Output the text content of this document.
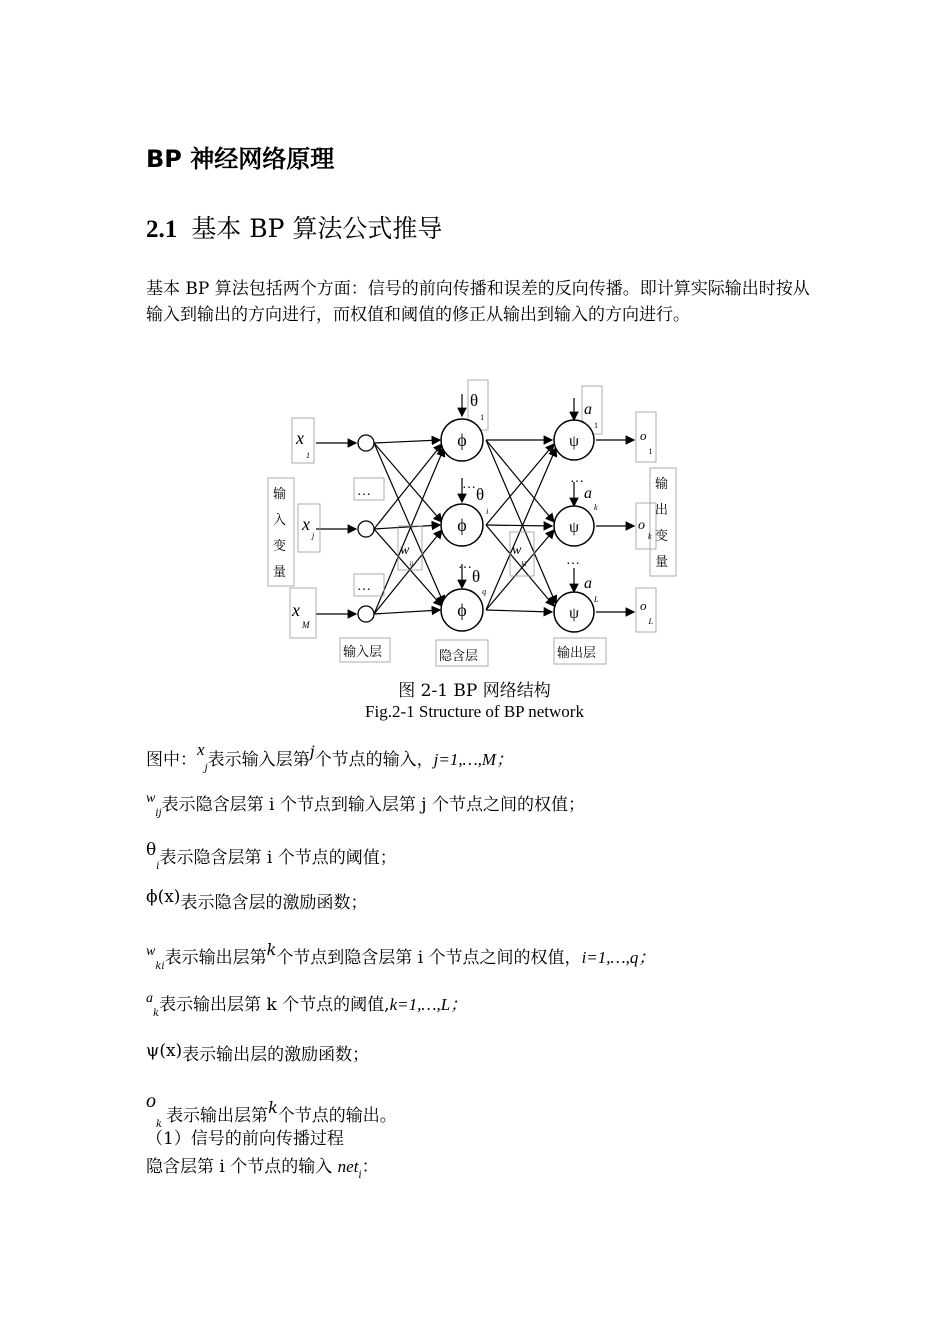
BP 神经网络原理
2.1 基本 BP 算法公式推导
基本 BP 算法包括两个方面：信号的前向传播和误差的反向传播。即计算实际输出时按从输入到输出的方向进行，而权值和阈值的修正从输出到输入的方向进行。
ϕ
ϕ
ϕ
ψ
ψ
ψ
$x_1$
$x_j$
$x_M$
$\theta_1$
$\theta_i$
$\theta_q$
$a_1$
$a_k$
$a_L$
$o_1$
$o_k$
$o_L$
$w_{ij}$
$w_{ki}$
…
…
…
…
…
…
输
入
变
量
输
出
变
量
输入层	隐含层	输出层
图 2-1 BP 网络结构
Fig.2-1 Structure of BP network
图中：$x_j$表示输入层第j个节点的输入，j=1,…,M；
$^w_{ij}$表示隐含层第 i 个节点到输入层第 j 个节点之间的权值；
$\theta_i$表示隐含层第 i 个节点的阈值；
ϕ(x)表示隐含层的激励函数；
$^w_{ki}$表示输出层第k个节点到隐含层第 i 个节点之间的权值，i=1,…,q；
$^a_k$表示输出层第 k 个节点的阈值,k=1,…,L；
ψ(x)表示输出层的激励函数；
$o_k$ 表示输出层第k个节点的输出。
（1）信号的前向传播过程
隐含层第 i 个节点的输入 net$_i$：
